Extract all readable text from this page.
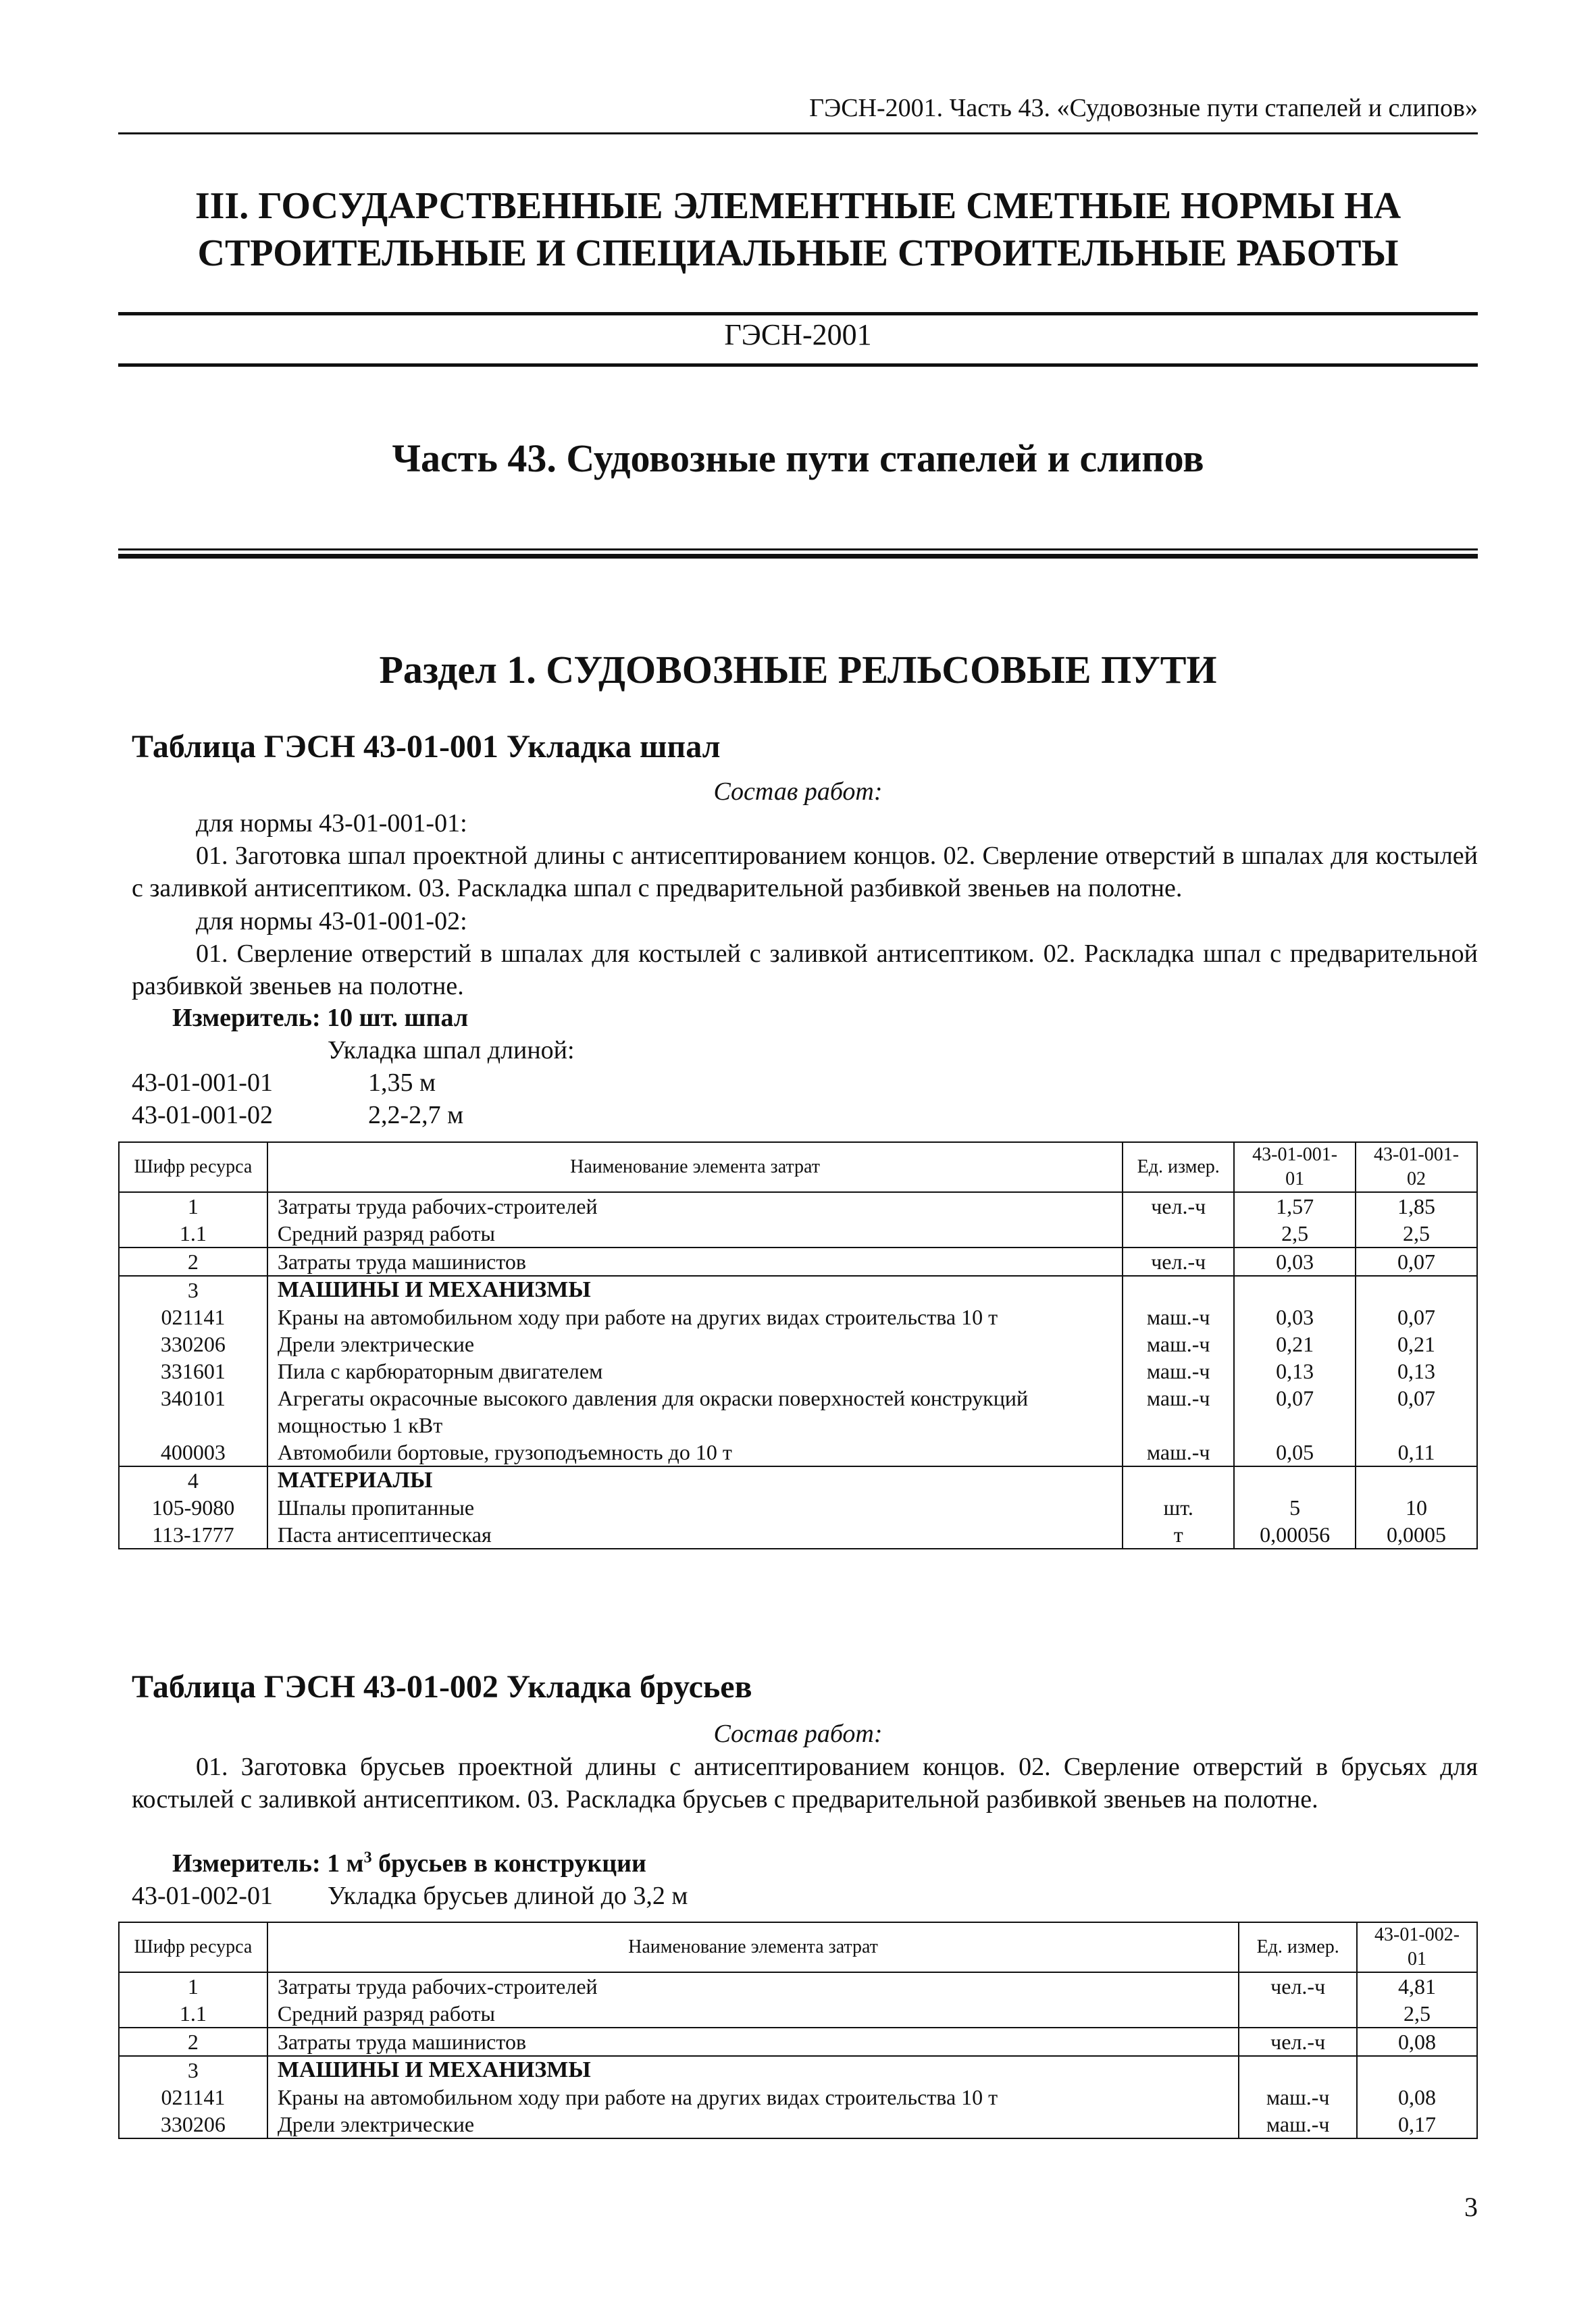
ГЭСН-2001. Часть 43. «Судовозные пути стапелей и слипов»
III. ГОСУДАРСТВЕННЫЕ ЭЛЕМЕНТНЫЕ СМЕТНЫЕ НОРМЫ НА
СТРОИТЕЛЬНЫЕ И СПЕЦИАЛЬНЫЕ СТРОИТЕЛЬНЫЕ РАБОТЫ
ГЭСН-2001
Часть 43. Судовозные пути стапелей и слипов
Раздел 1. СУДОВОЗНЫЕ РЕЛЬСОВЫЕ ПУТИ
Таблица ГЭСН 43-01-001 Укладка шпал
Состав работ:
для нормы 43-01-001-01:
01. Заготовка шпал проектной длины с антисептированием концов. 02. Сверление отверстий в шпалах для костылей с заливкой антисептиком. 03. Раскладка шпал с предварительной разбивкой звеньев на полотне.
для нормы 43-01-001-02:
01. Сверление отверстий в шпалах для костылей с заливкой антисептиком. 02. Раскладка шпал с предварительной разбивкой звеньев на полотне.
Измеритель: 10 шт. шпал
Укладка шпал длиной:
43-01-001-01	1,35 м
43-01-001-02	2,2-2,7 м
Шифр ресурса	Наименование элемента затрат	Ед. измер.	43-01-001-01	43-01-001-02
1	Затраты труда рабочих-строителей	чел.-ч	1,57	1,85
1.1	Средний разряд работы		2,5	2,5
2	Затраты труда машинистов	чел.-ч	0,03	0,07
3	МАШИНЫ И МЕХАНИЗМЫ			
021141	Краны на автомобильном ходу при работе на других видах строительства 10 т	маш.-ч	0,03	0,07
330206	Дрели электрические	маш.-ч	0,21	0,21
331601	Пила с карбюраторным двигателем	маш.-ч	0,13	0,13
340101	Агрегаты окрасочные высокого давления для окраски поверхностей конструкций мощностью 1 кВт	маш.-ч	0,07	0,07
400003	Автомобили бортовые, грузоподъемность до 10 т	маш.-ч	0,05	0,11
4	МАТЕРИАЛЫ			
105-9080	Шпалы пропитанные	шт.	5	10
113-1777	Паста антисептическая	т	0,00056	0,0005
Таблица ГЭСН 43-01-002 Укладка брусьев
Состав работ:
01. Заготовка брусьев проектной длины с антисептированием концов. 02. Сверление отверстий в брусьях для костылей с заливкой антисептиком. 03. Раскладка брусьев с предварительной разбивкой звеньев на полотне.
Измеритель: 1 $м^3$ брусьев в конструкции
43-01-002-01 Укладка брусьев длиной до 3,2 м
Шифр ресурса	Наименование элемента затрат	Ед. измер.	43-01-002-01
1	Затраты труда рабочих-строителей	чел.-ч	4,81
1.1	Средний разряд работы		2,5
2	Затраты труда машинистов	чел.-ч	0,08
3	МАШИНЫ И МЕХАНИЗМЫ		
021141	Краны на автомобильном ходу при работе на других видах строительства 10 т	маш.-ч	0,08
330206	Дрели электрические	маш.-ч	0,17
3
